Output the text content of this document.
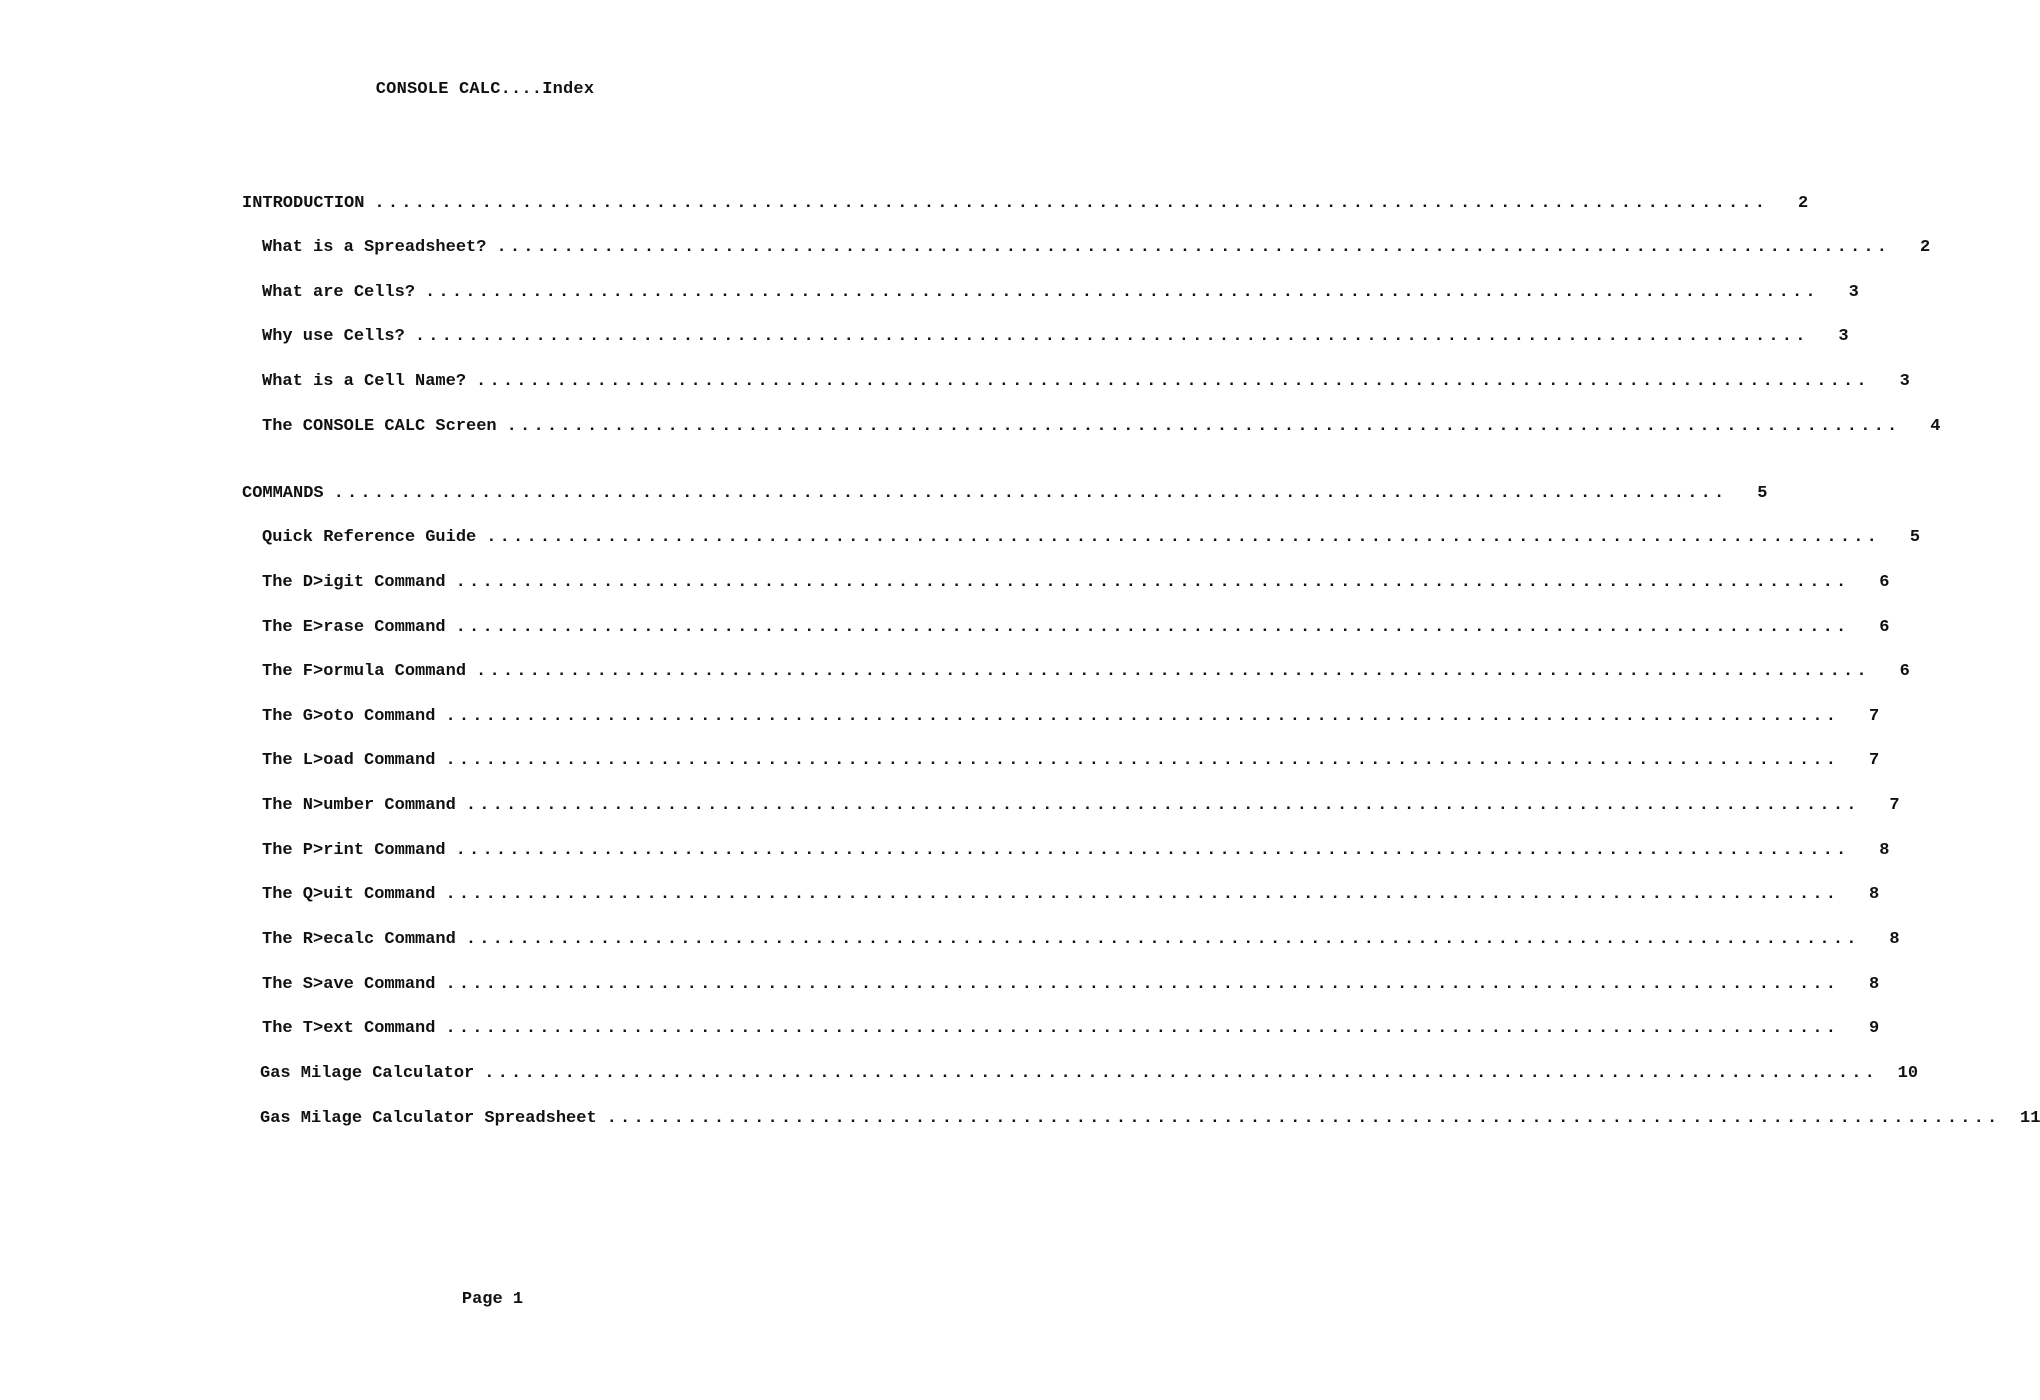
CONSOLE CALC....Index
INTRODUCTION ........................................................................................................	2
What is a Spreadsheet? ........................................................................................................	2
What are Cells? ........................................................................................................	3
Why use Cells? ........................................................................................................	3
What is a Cell Name? ........................................................................................................	3
The CONSOLE CALC Screen ........................................................................................................	4
COMMANDS ........................................................................................................	5
Quick Reference Guide ........................................................................................................	5
The D>igit Command ........................................................................................................	6
The E>rase Command ........................................................................................................	6
The F>ormula Command ........................................................................................................	6
The G>oto Command ........................................................................................................	7
The L>oad Command ........................................................................................................	7
The N>umber Command ........................................................................................................	7
The P>rint Command ........................................................................................................	8
The Q>uit Command ........................................................................................................	8
The R>ecalc Command ........................................................................................................	8
The S>ave Command ........................................................................................................	8
The T>ext Command ........................................................................................................	9
Gas Milage Calculator ........................................................................................................	10
Gas Milage Calculator Spreadsheet ........................................................................................................	11
Page 1
